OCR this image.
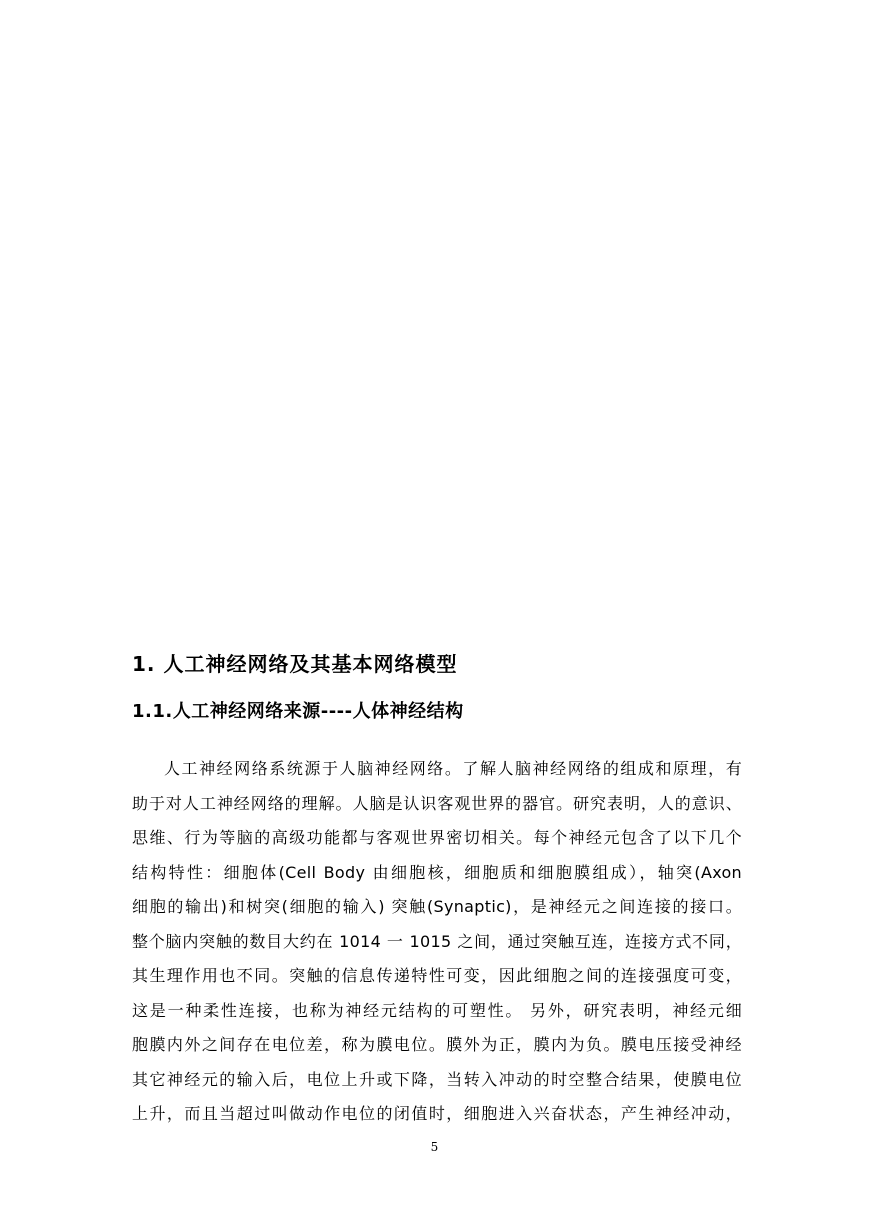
1. 人工神经网络及其基本网络模型
1.1.人工神经网络来源----人体神经结构
人工神经网络系统源于人脑神经网络。了解人脑神经网络的组成和原理，有
助于对人工神经网络的理解。人脑是认识客观世界的器官。研究表明，人的意识、
思维、行为等脑的高级功能都与客观世界密切相关。每个神经元包含了以下几个
结构特性：细胞体(Cell Body 由细胞核，细胞质和细胞膜组成），轴突(Axon
细胞的输出)和树突(细胞的输入) 突触(Synaptic)，是神经元之间连接的接口。
整个脑内突触的数目大约在 1014 一 1015 之间，通过突触互连，连接方式不同，
其生理作用也不同。突触的信息传递特性可变，因此细胞之间的连接强度可变，
这是一种柔性连接，也称为神经元结构的可塑性。 另外，研究表明，神经元细
胞膜内外之间存在电位差，称为膜电位。膜外为正，膜内为负。膜电压接受神经
其它神经元的输入后，电位上升或下降，当转入冲动的时空整合结果，使膜电位
上升，而且当超过叫做动作电位的闭值时，细胞进入兴奋状态，产生神经冲动，
5
